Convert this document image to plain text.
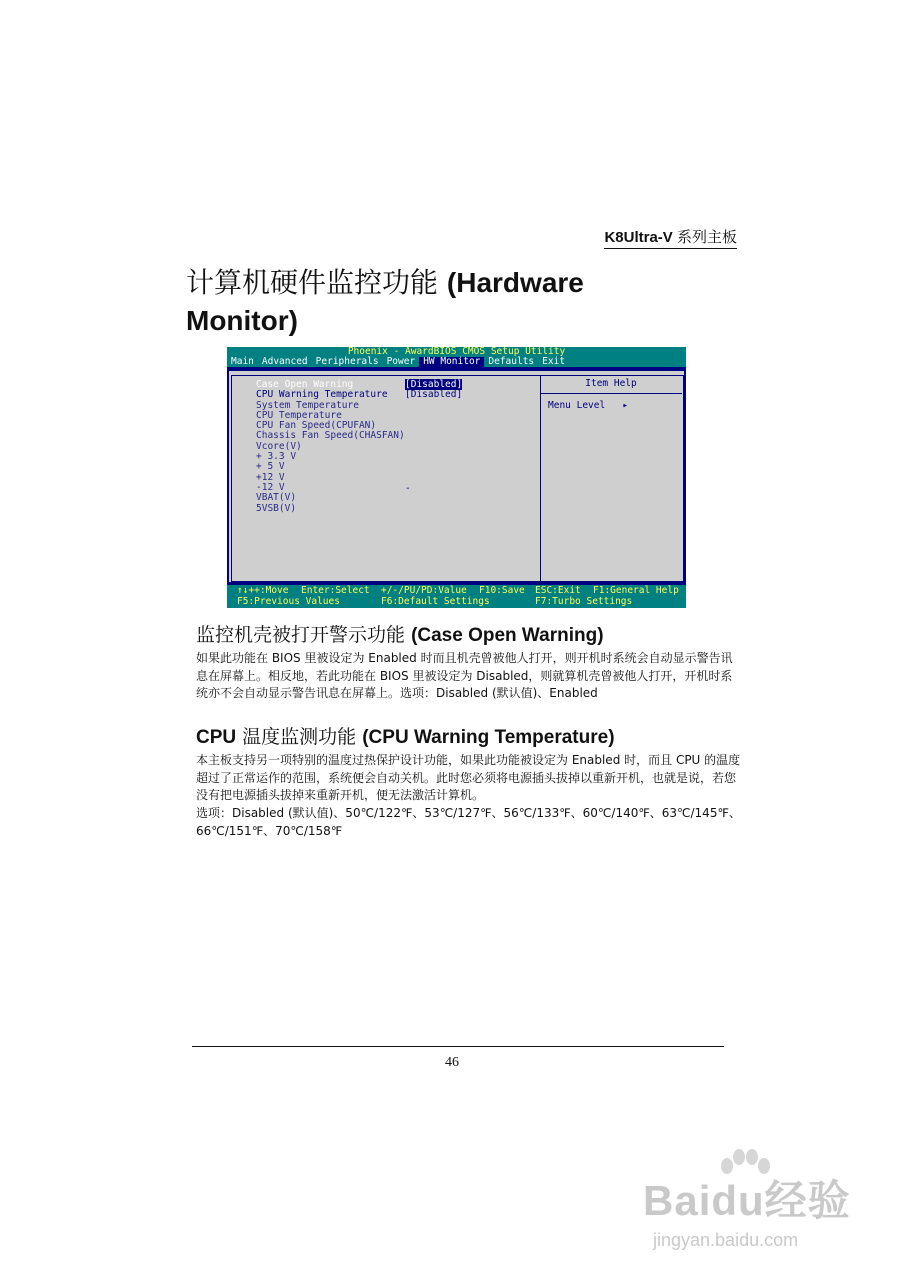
K8Ultra-V 系列主板
计算机硬件监控功能 (Hardware Monitor)
Phoenix - AwardBIOS CMOS Setup Utility
Main Advanced Peripherals Power HW Monitor Defaults Exit
Item Help
Menu Level ▸
Case Open Warning
CPU Warning Temperature
System Temperature
CPU Temperature
CPU Fan Speed(CPUFAN)
Chassis Fan Speed(CHASFAN)
Vcore(V)
+ 3.3 V
+ 5 V
+12 V
-12 V
VBAT(V)
5VSB(V)
[Disabled]
[Disabled]
-
↑↓++:Move Enter:Select +/-/PU/PD:Value F10:Save ESC:Exit F1:General Help
F5:Previous Values	F6:Default Settings	F7:Turbo Settings
监控机壳被打开警示功能 (Case Open Warning)
如果此功能在 BIOS 里被设定为 Enabled 时而且机壳曾被他人打开，则开机时系统会自动显示警告讯息在屏幕上。相反地，若此功能在 BIOS 里被设定为 Disabled，则就算机壳曾被他人打开，开机时系统亦不会自动显示警告讯息在屏幕上。选项：Disabled (默认值)、Enabled
CPU 温度监测功能 (CPU Warning Temperature)
本主板支持另一项特别的温度过热保护设计功能，如果此功能被设定为 Enabled 时，而且 CPU 的温度超过了正常运作的范围，系统便会自动关机。此时您必须将电源插头拔掉以重新开机，也就是说，若您没有把电源插头拔掉来重新开机，便无法激活计算机。
选项：Disabled (默认值)、50℃/122℉、53℃/127℉、56℃/133℉、60℃/140℉、63℃/145℉、66℃/151℉、70℃/158℉
46
Baidu经验
jingyan.baidu.com
